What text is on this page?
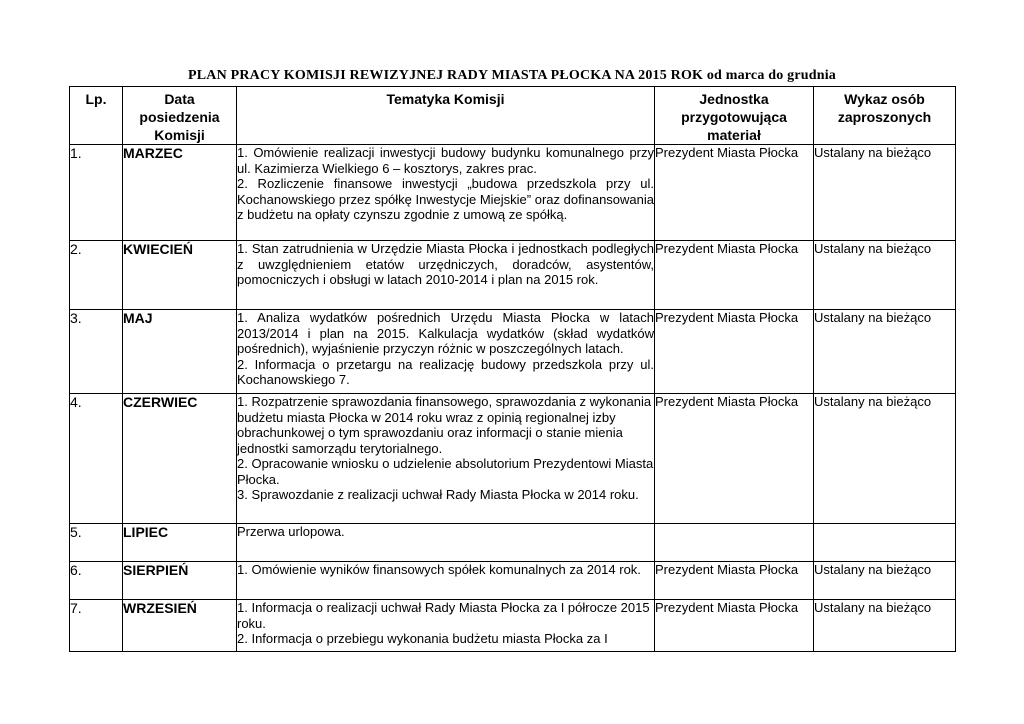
PLAN PRACY KOMISJI REWIZYJNEJ RADY MIASTA PŁOCKA NA 2015 ROK od marca do grudnia
Lp.	Data
posiedzenia
Komisji	Tematyka Komisji	Jednostka
przygotowująca
materiał	Wykaz osób
zaproszonych

1.	MARZEC	1. Omówienie realizacji inwestycji budowy budynku komunalnego przy ul. Kazimierza Wielkiego 6 – kosztorys, zakres prac.
2. Rozliczenie finansowe inwestycji „budowa przedszkola przy ul. Kochanowskiego przez spółkę Inwestycje Miejskie” oraz dofinansowania z budżetu na opłaty czynszu zgodnie z umową ze spółką.	Prezydent Miasta Płocka	Ustalany na bieżąco
2.	KWIECIEŃ	1. Stan zatrudnienia w Urzędzie Miasta Płocka i jednostkach podległych z uwzględnieniem etatów urzędniczych, doradców, asystentów, pomocniczych i obsługi w latach 2010-2014 i plan na 2015 rok.	Prezydent Miasta Płocka	Ustalany na bieżąco
3.	MAJ	1. Analiza wydatków pośrednich Urzędu Miasta Płocka w latach 2013/2014 i plan na 2015. Kalkulacja wydatków (skład wydatków pośrednich), wyjaśnienie przyczyn różnic w poszczególnych latach.
2. Informacja o przetargu na realizację budowy przedszkola przy ul. Kochanowskiego 7.	Prezydent Miasta Płocka	Ustalany na bieżąco
4.	CZERWIEC	1. Rozpatrzenie sprawozdania finansowego, sprawozdania z wykonania budżetu miasta Płocka w 2014 roku wraz z opinią regionalnej izby obrachunkowej o tym sprawozdaniu oraz informacji o stanie mienia jednostki samorządu terytorialnego.
2. Opracowanie wniosku o udzielenie absolutorium Prezydentowi Miasta Płocka.
3. Sprawozdanie z realizacji uchwał Rady Miasta Płocka w 2014 roku.	Prezydent Miasta Płocka	Ustalany na bieżąco
5.	LIPIEC	Przerwa urlopowa.		

6.	SIERPIEŃ	1. Omówienie wyników finansowych spółek komunalnych za 2014 rok.	Prezydent Miasta Płocka	Ustalany na bieżąco
7.	WRZESIEŃ	1. Informacja o realizacji uchwał Rady Miasta Płocka za I półrocze 2015 roku.
2. Informacja o przebiegu wykonania budżetu miasta Płocka za I	Prezydent Miasta Płocka	Ustalany na bieżąco
